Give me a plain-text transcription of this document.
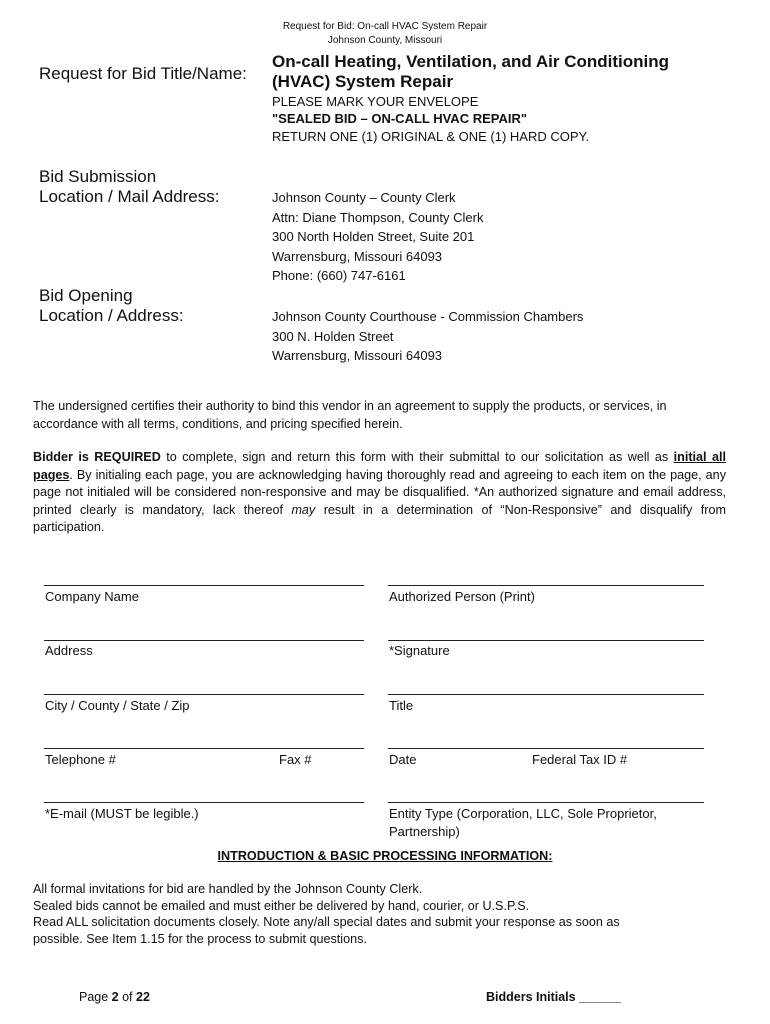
Request for Bid: On-call HVAC System Repair
Johnson County, Missouri
Request for Bid Title/Name:
On-call Heating, Ventilation, and Air Conditioning
(HVAC) System Repair
PLEASE MARK YOUR ENVELOPE
"SEALED BID – ON-CALL HVAC REPAIR"
RETURN ONE (1) ORIGINAL & ONE (1) HARD COPY.
Bid Submission
Location / Mail Address:	Johnson County – County Clerk
Attn: Diane Thompson, County Clerk
300 North Holden Street, Suite 201
Warrensburg, Missouri 64093
Phone: (660) 747-6161
Bid Opening
Location / Address:	Johnson County Courthouse - Commission Chambers
300 N. Holden Street
Warrensburg, Missouri 64093
The undersigned certifies their authority to bind this vendor in an agreement to supply the products, or services, in accordance with all terms, conditions, and pricing specified herein.
Bidder is REQUIRED to complete, sign and return this form with their submittal to our solicitation as well as initial all pages. By initialing each page, you are acknowledging having thoroughly read and agreeing to each item on the page, any page not initialed will be considered non-responsive and may be disqualified. *An authorized signature and email address, printed clearly is mandatory, lack thereof may result in a determination of “Non-Responsive” and disqualify from participation.
Company Name	Authorized Person (Print)
Address	*Signature
City / County / State / Zip	Title
Telephone #	Fax #	Date	Federal Tax ID #
*E-mail (MUST be legible.)	Entity Type (Corporation, LLC, Sole Proprietor,
Partnership)
INTRODUCTION & BASIC PROCESSING INFORMATION:
All formal invitations for bid are handled by the Johnson County Clerk.
Sealed bids cannot be emailed and must either be delivered by hand, courier, or U.S.P.S.
Read ALL solicitation documents closely. Note any/all special dates and submit your response as soon as
possible. See Item 1.15 for the process to submit questions.
Page 2 of 22	Bidders Initials ______
